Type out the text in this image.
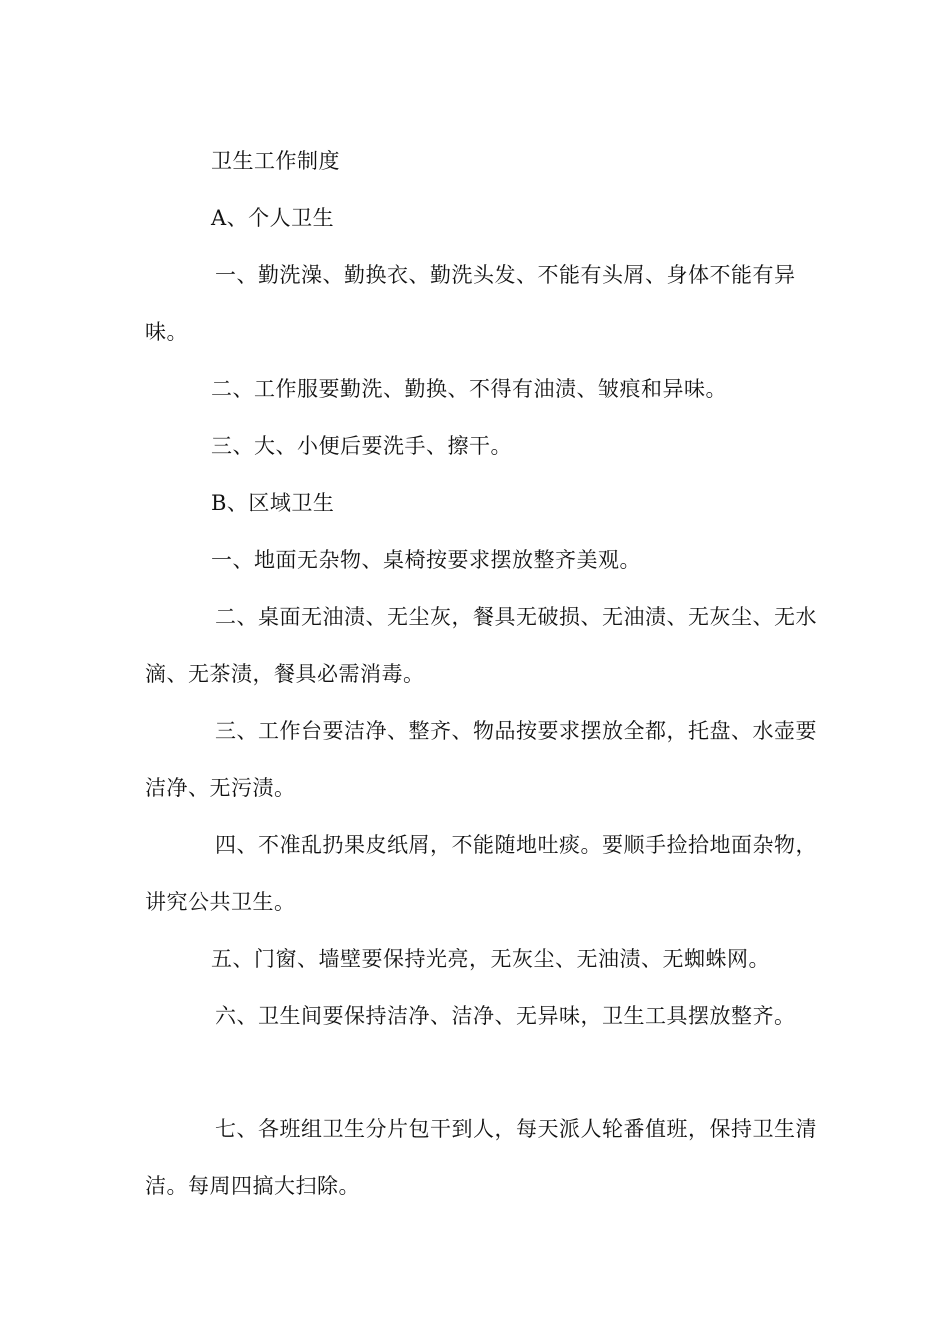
卫生工作制度

A、个人卫生

一、勤洗澡、勤换衣、勤洗头发、不能有头屑、身体不能有异味。

二、工作服要勤洗、勤换、不得有油渍、皱痕和异味。

三、大、小便后要洗手、擦干。

B、区域卫生

一、地面无杂物、桌椅按要求摆放整齐美观。

二、桌面无油渍、无尘灰，餐具无破损、无油渍、无灰尘、无水滴、无茶渍，餐具必需消毒。

三、工作台要洁净、整齐、物品按要求摆放全都，托盘、水壶要洁净、无污渍。

四、不准乱扔果皮纸屑，不能随地吐痰。要顺手捡拾地面杂物，讲究公共卫生。

五、门窗、墙壁要保持光亮，无灰尘、无油渍、无蜘蛛网。

六、卫生间要保持洁净、洁净、无异味，卫生工具摆放整齐。

七、各班组卫生分片包干到人，每天派人轮番值班，保持卫生清洁。每周四搞大扫除。
